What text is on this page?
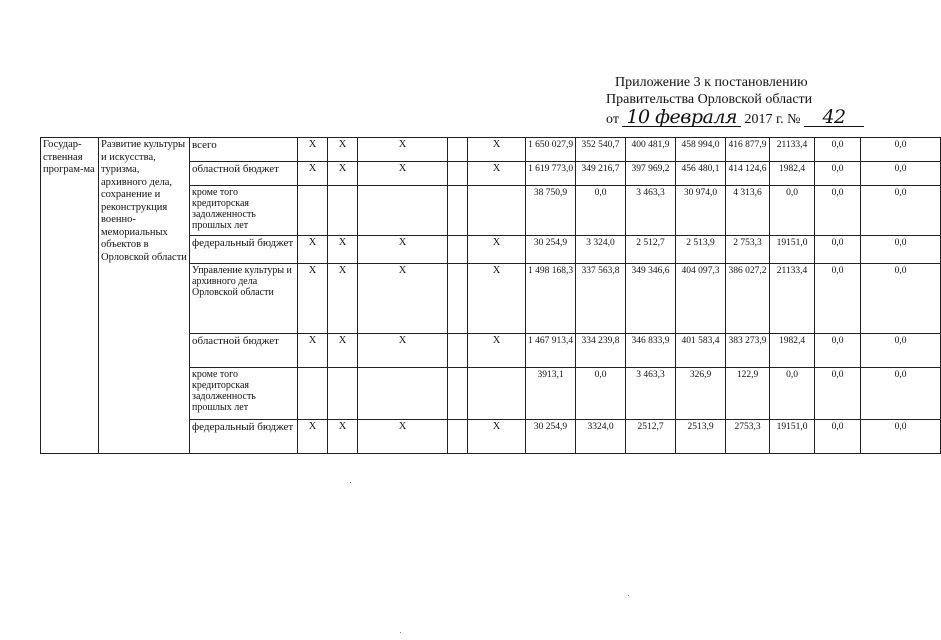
Приложение 3 к постановлению
Правительства Орловской области
от 10 февраля 2017 г. № 42
Государ-ственная програм-ма	Развитие культуры и искусства, туризма, архивного дела, сохранение и реконструкция военно-мемориальных объектов в Орловской области	всего	X	X	X		X	1 650 027,9	352 540,7	400 481,9	458 994,0	416 877,9	21133,4	0,0	0,0	
		областной бюджет	X	X	X		X	1 619 773,0	349 216,7	397 969,2	456 480,1	414 124,6	1982,4	0,0	0,0	
		кроме того кредиторская задолженность прошлых лет						38 750,9	0,0	3 463,3	30 974,0	4 313,6	0,0	0,0	0,0	
		федеральный бюджет	X	X	X		X	30 254,9	3 324,0	2 512,7	2 513,9	2 753,3	19151,0	0,0	0,0	
		Управление культуры и архивного дела Орловской области	X	X	X		X	1 498 168,3	337 563,8	349 346,6	404 097,3	386 027,2	21133,4	0,0	0,0	
		областной бюджет	X	X	X		X	1 467 913,4	334 239,8	346 833,9	401 583,4	383 273,9	1982,4	0,0	0,0	
		кроме того кредиторская задолженность прошлых лет						3913,1	0,0	3 463,3	326,9	122,9	0,0	0,0	0,0	
		федеральный бюджет	X	X	X		X	30 254,9	3324,0	2512,7	2513,9	2753,3	19151,0	0,0	0,0	
